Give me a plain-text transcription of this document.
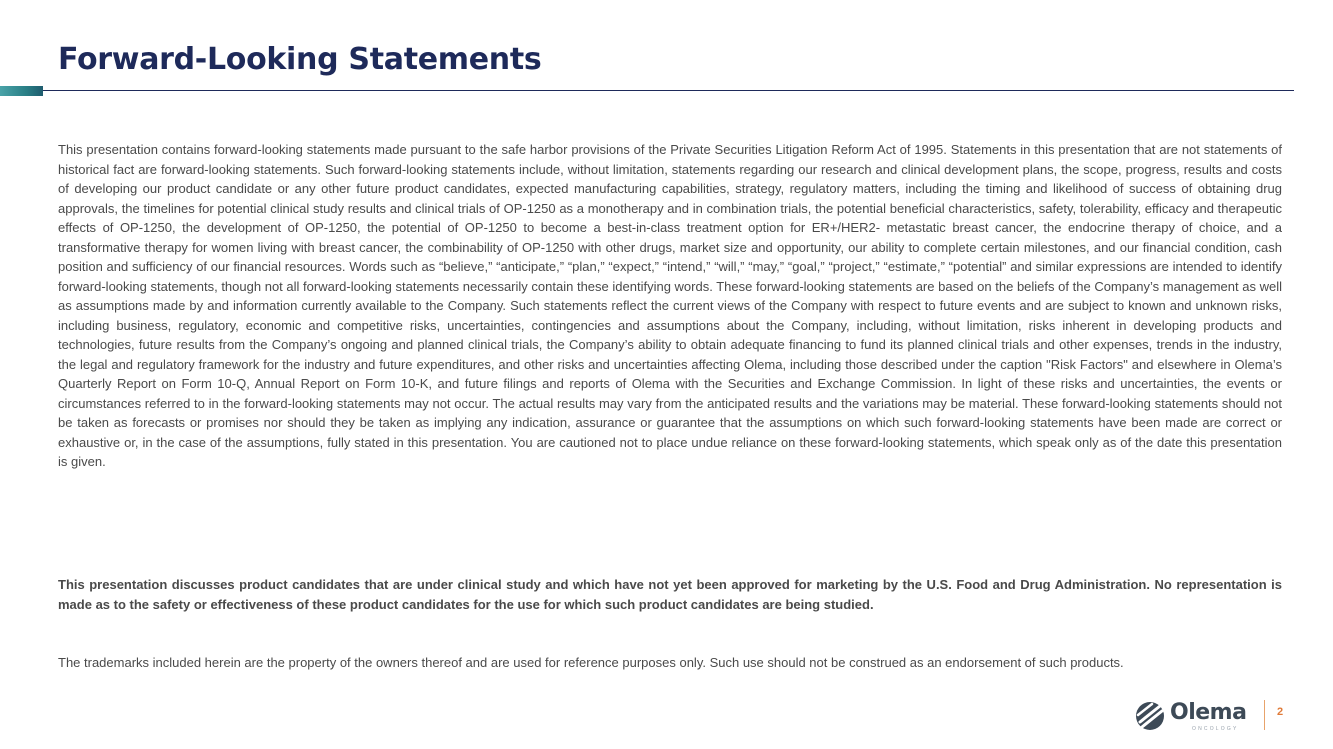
Forward-Looking Statements

This presentation contains forward-looking statements made pursuant to the safe harbor provisions of the Private Securities Litigation Reform Act of 1995. Statements in this presentation that are not statements of historical fact are forward-looking statements. Such forward-looking statements include, without limitation, statements regarding our research and clinical development plans, the scope, progress, results and costs of developing our product candidate or any other future product candidates, expected manufacturing capabilities, strategy, regulatory matters, including the timing and likelihood of success of obtaining drug approvals, the timelines for potential clinical study results and clinical trials of OP-1250 as a monotherapy and in combination trials, the potential beneficial characteristics, safety, tolerability, efficacy and therapeutic effects of OP-1250, the development of OP-1250, the potential of OP-1250 to become a best-in-class treatment option for ER+/HER2- metastatic breast cancer, the endocrine therapy of choice, and a transformative therapy for women living with breast cancer, the combinability of OP-1250 with other drugs, market size and opportunity, our ability to complete certain milestones, and our financial condition, cash position and sufficiency of our financial resources. Words such as “believe,” “anticipate,” “plan,” “expect,” “intend,” “will,” “may,” “goal,” “project,” “estimate,” “potential” and similar expressions are intended to identify forward-looking statements, though not all forward-looking statements necessarily contain these identifying words. These forward-looking statements are based on the beliefs of the Company’s management as well as assumptions made by and information currently available to the Company. Such statements reflect the current views of the Company with respect to future events and are subject to known and unknown risks, including business, regulatory, economic and competitive risks, uncertainties, contingencies and assumptions about the Company, including, without limitation, risks inherent in developing products and technologies, future results from the Company’s ongoing and planned clinical trials, the Company’s ability to obtain adequate financing to fund its planned clinical trials and other expenses, trends in the industry, the legal and regulatory framework for the industry and future expenditures, and other risks and uncertainties affecting Olema, including those described under the caption "Risk Factors" and elsewhere in Olema’s Quarterly Report on Form 10-Q, Annual Report on Form 10-K, and future filings and reports of Olema with the Securities and Exchange Commission. In light of these risks and uncertainties, the events or circumstances referred to in the forward-looking statements may not occur. The actual results may vary from the anticipated results and the variations may be material. These forward-looking statements should not be taken as forecasts or promises nor should they be taken as implying any indication, assurance or guarantee that the assumptions on which such forward-looking statements have been made are correct or exhaustive or, in the case of the assumptions, fully stated in this presentation. You are cautioned not to place undue reliance on these forward-looking statements, which speak only as of the date this presentation is given.

This presentation discusses product candidates that are under clinical study and which have not yet been approved for marketing by the U.S. Food and Drug Administration. No representation is made as to the safety or effectiveness of these product candidates for the use for which such product candidates are being studied.

The trademarks included herein are the property of the owners thereof and are used for reference purposes only. Such use should not be construed as an endorsement of such products.

Olema
ONCOLOGY
2
